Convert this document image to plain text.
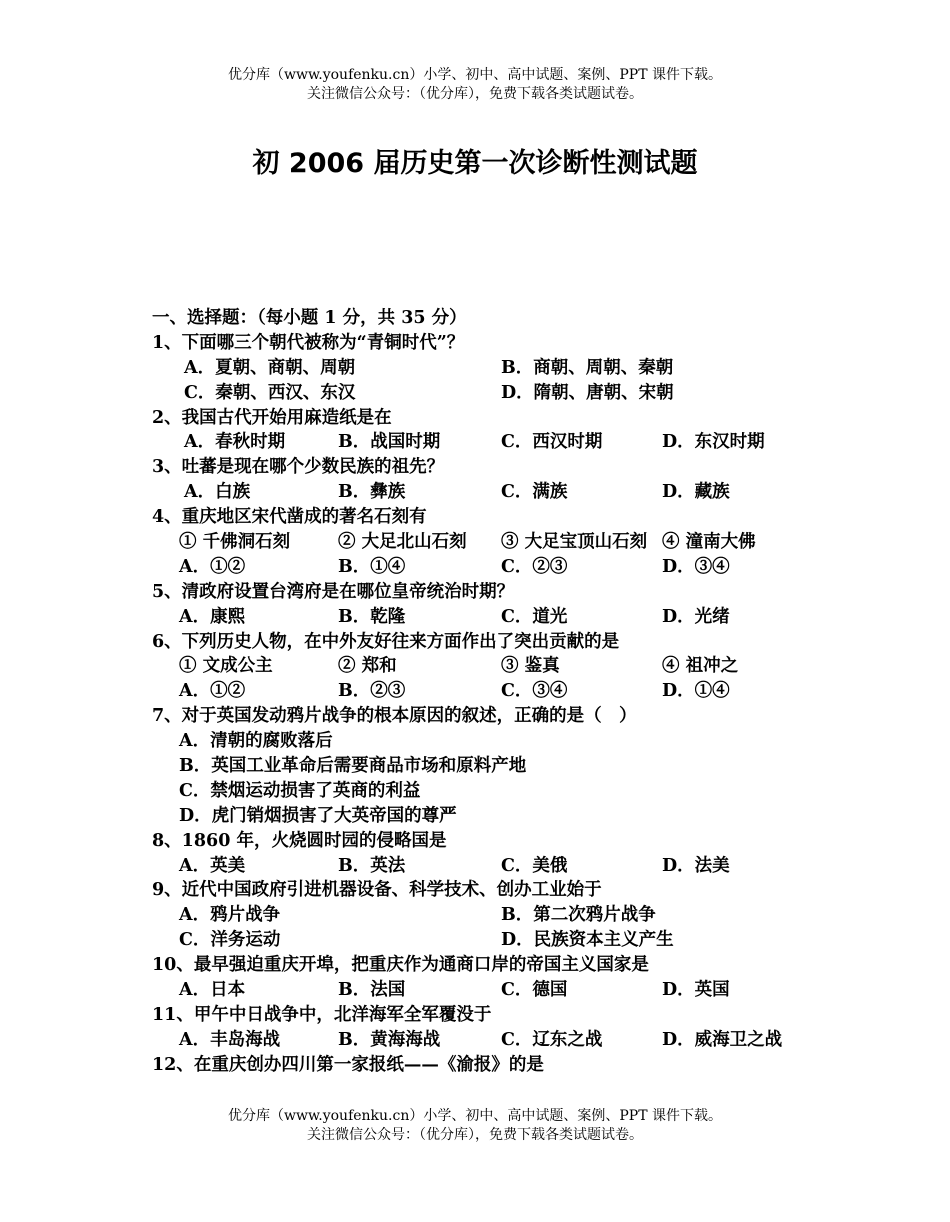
优分库（www.youfenku.cn）小学、初中、高中试题、案例、PPT 课件下载。
关注微信公众号：（优分库），免费下载各类试题试卷。
初 2006 届历史第一次诊断性测试题
一、选择题：（每小题 1 分，共 35 分）
1、下面哪三个朝代被称为“青铜时代”？
A．夏朝、商朝、周朝	B．商朝、周朝、秦朝
C．秦朝、西汉、东汉	D．隋朝、唐朝、宋朝
2、我国古代开始用麻造纸是在
A．春秋时期	B．战国时期	C．西汉时期	D．东汉时期
3、吐蕃是现在哪个少数民族的祖先？
A．白族	B．彝族	C．满族	D．藏族
4、重庆地区宋代凿成的著名石刻有
① 千佛洞石刻	② 大足北山石刻 ③ 大足宝顶山石刻 ④ 潼南大佛
A．①②	B．①④	C．②③	D．③④
5、清政府设置台湾府是在哪位皇帝统治时期？
A．康熙	B．乾隆	C．道光	D．光绪
6、下列历史人物，在中外友好往来方面作出了突出贡献的是
① 文成公主	② 郑和	③ 鉴真	④ 祖冲之
A．①②	B．②③	C．③④	D．①④
7、对于英国发动鸦片战争的根本原因的叙述，正确的是（　）
A．清朝的腐败落后
B．英国工业革命后需要商品市场和原料产地
C．禁烟运动损害了英商的利益
D．虎门销烟损害了大英帝国的尊严
8、1860 年，火烧圆时园的侵略国是
A．英美	B．英法	C．美俄	D．法美
9、近代中国政府引进机器设备、科学技术、创办工业始于
A．鸦片战争	B．第二次鸦片战争
C．洋务运动	D．民族资本主义产生
10、最早强迫重庆开埠，把重庆作为通商口岸的帝国主义国家是
A．日本	B．法国	C．德国	D．英国
11、甲午中日战争中，北洋海军全军覆没于
A．丰岛海战	B．黄海海战	C．辽东之战	D．威海卫之战
12、在重庆创办四川第一家报纸——《渝报》的是
优分库（www.youfenku.cn）小学、初中、高中试题、案例、PPT 课件下载。
关注微信公众号：（优分库），免费下载各类试题试卷。
